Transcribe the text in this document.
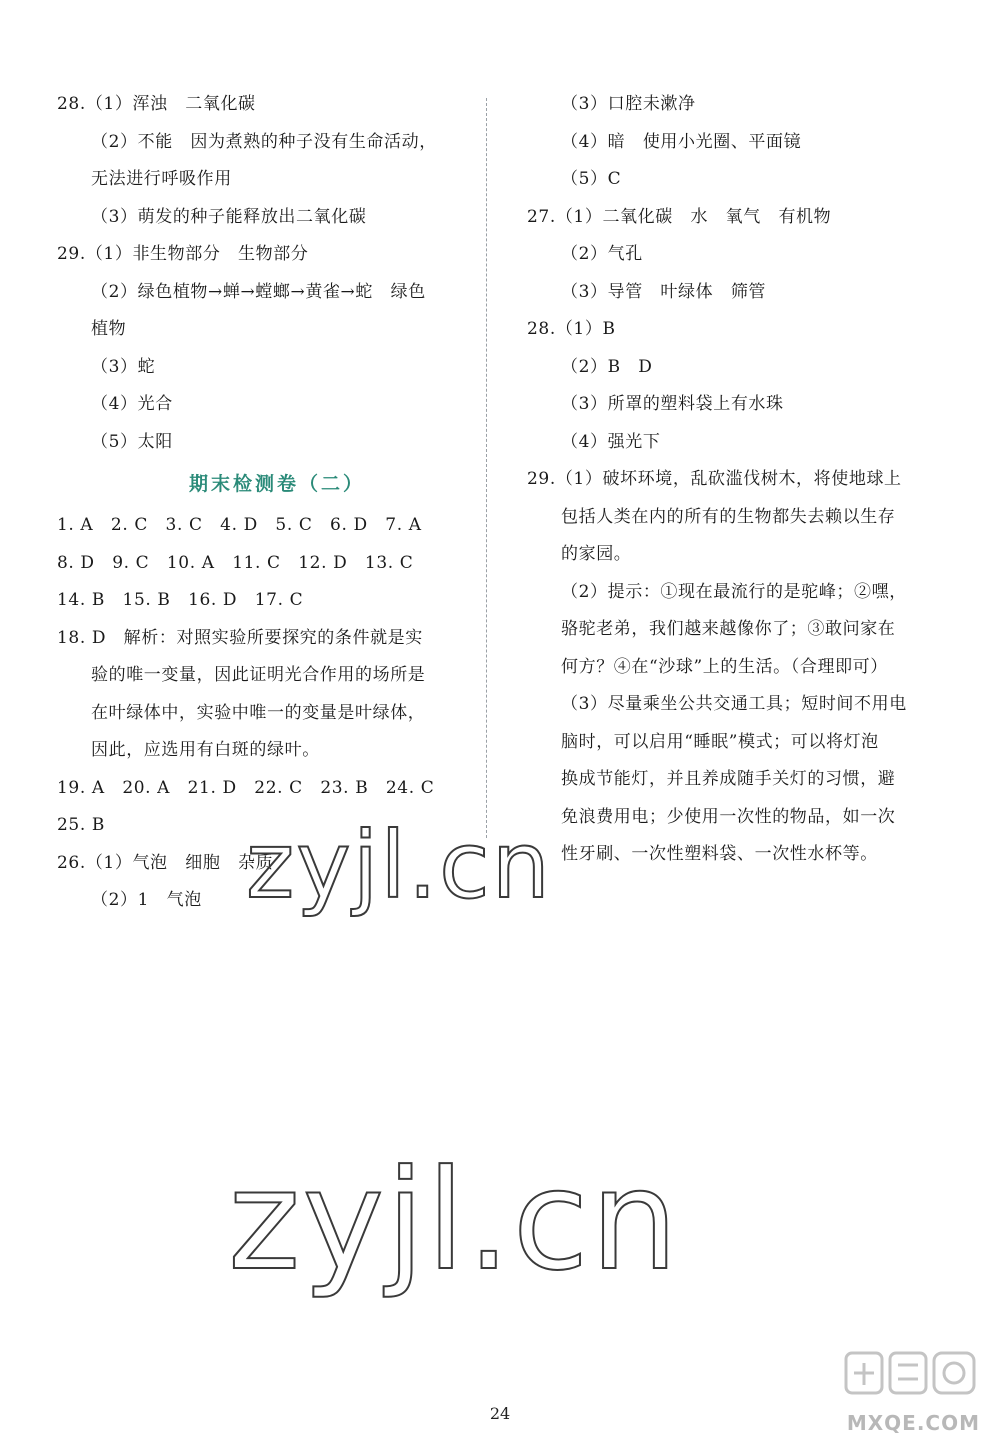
28.（1）浑浊　二氧化碳
（2）不能　因为煮熟的种子没有生命活动，
无法进行呼吸作用
（3）萌发的种子能释放出二氧化碳
29.（1）非生物部分　生物部分
（2）绿色植物→蝉→螳螂→黄雀→蛇　绿色
植物
（3）蛇
（4）光合
（5）太阳
期末检测卷（二）
1. A　2. C　3. C　4. D　5. C　6. D　7. A
8. D　9. C　10. A　11. C　12. D　13. C
14. B　15. B　16. D　17. C
18. D　解析：对照实验所要探究的条件就是实
验的唯一变量，因此证明光合作用的场所是
在叶绿体中，实验中唯一的变量是叶绿体，
因此，应选用有白斑的绿叶。
19. A　20. A　21. D　22. C　23. B　24. C
25. B
26.（1）气泡　细胞　杂质
（2）1　气泡
（3）口腔未漱净
（4）暗　使用小光圈、平面镜
（5）C
27.（1）二氧化碳　水　氧气　有机物
（2）气孔
（3）导管　叶绿体　筛管
28.（1）B
（2）B　D
（3）所罩的塑料袋上有水珠
（4）强光下
29.（1）破坏环境，乱砍滥伐树木，将使地球上
包括人类在内的所有的生物都失去赖以生存
的家园。
（2）提示：①现在最流行的是驼峰；②嘿，
骆驼老弟，我们越来越像你了；③敢问家在
何方？④在“沙球”上的生活。（合理即可）
（3）尽量乘坐公共交通工具；短时间不用电
脑时，可以启用“睡眠”模式；可以将灯泡
换成节能灯，并且养成随手关灯的习惯，避
免浪费用电；少使用一次性的物品，如一次
性牙刷、一次性塑料袋、一次性水杯等。
zyjl.cn
zyjl.cn
24	MXQE.COM
